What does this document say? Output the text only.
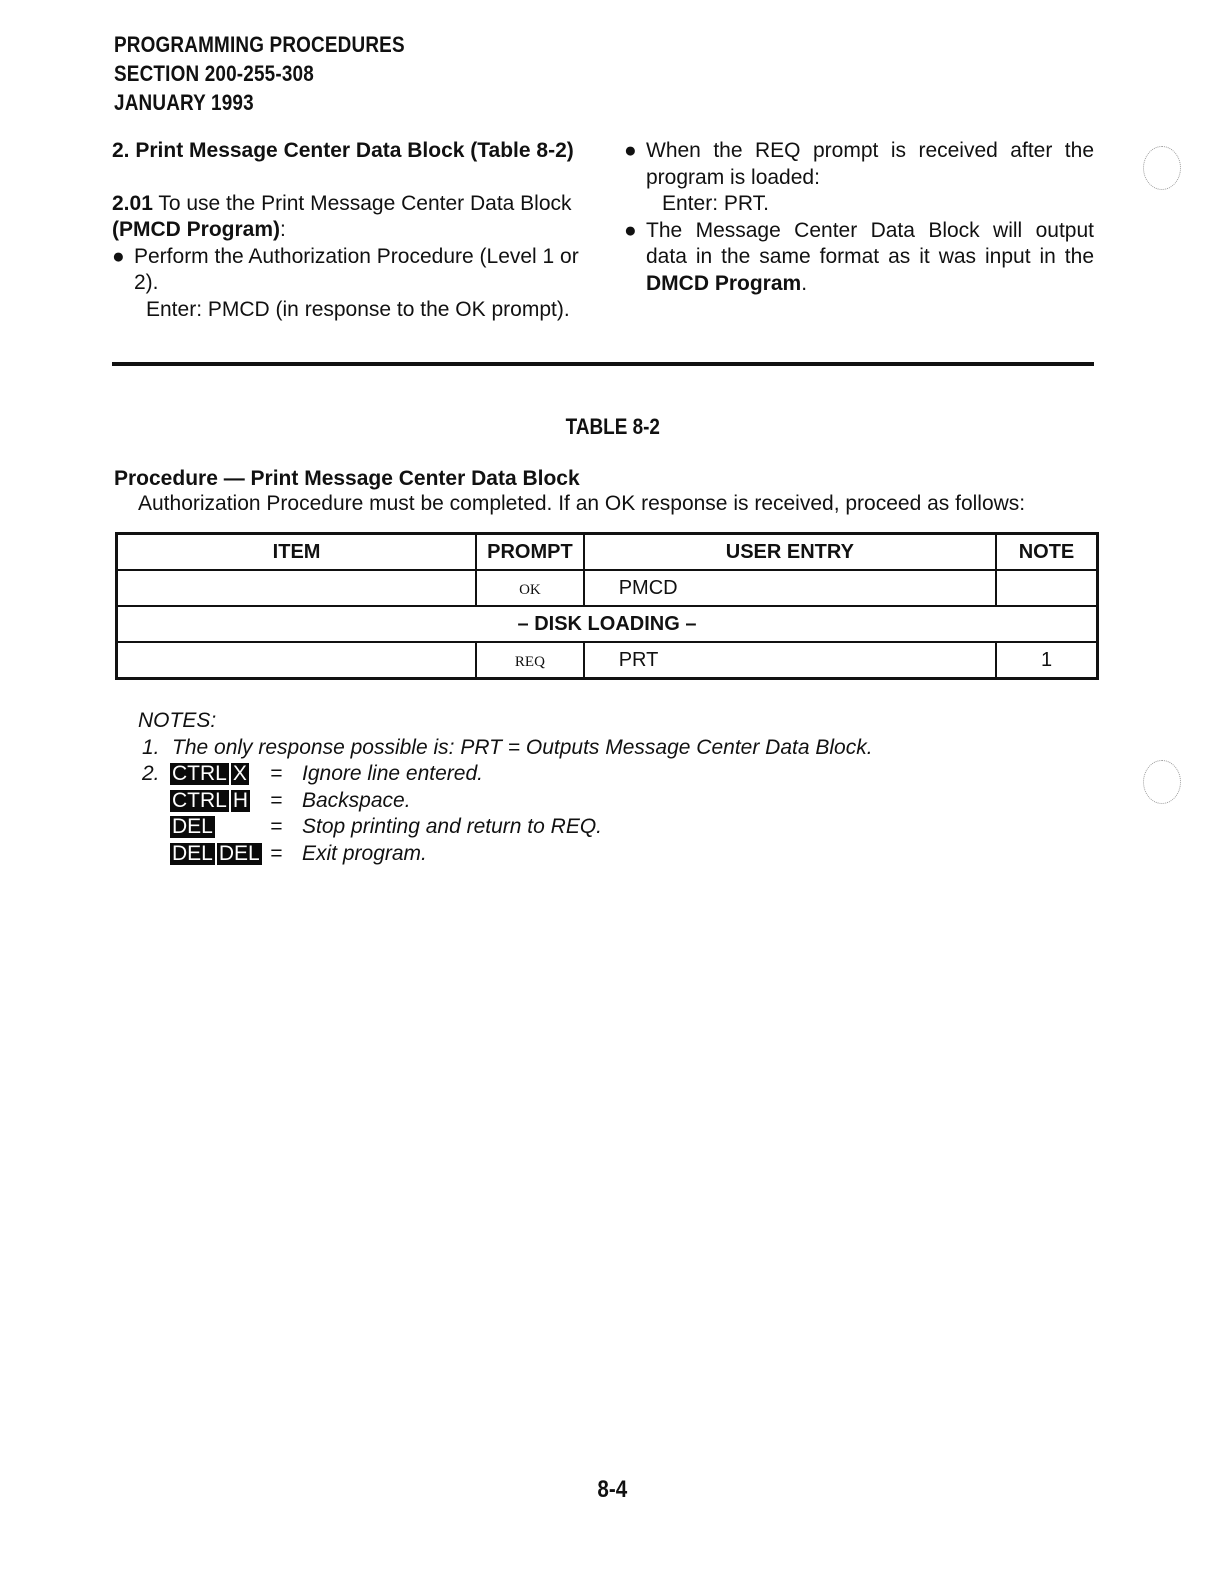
PROGRAMMING PROCEDURES
SECTION 200-255-308
JANUARY 1993
2. Print Message Center Data Block (Table 8-2)
2.01 To use the Print Message Center Data Block
(PMCD Program):
● Perform the Authorization Procedure (Level 1 or
2).
Enter: PMCD (in response to the OK prompt).
● When the REQ prompt is received after the program is loaded:
Enter: PRT.
● The Message Center Data Block will output data in the same format as it was input in the DMCD Program.
TABLE 8-2
Procedure — Print Message Center Data Block
Authorization Procedure must be completed. If an OK response is received, proceed as follows:
ITEM	PROMPT	USER ENTRY	NOTE
	OK	PMCD	
– DISK LOADING –			
	REQ	PRT	1
NOTES:
1. The only response possible is: PRT = Outputs Message Center Data Block.
2. CTRL X = Ignore line entered.
CTRL H = Backspace.
DEL	= Stop printing and return to REQ.
DEL DEL = Exit program.
8-4
